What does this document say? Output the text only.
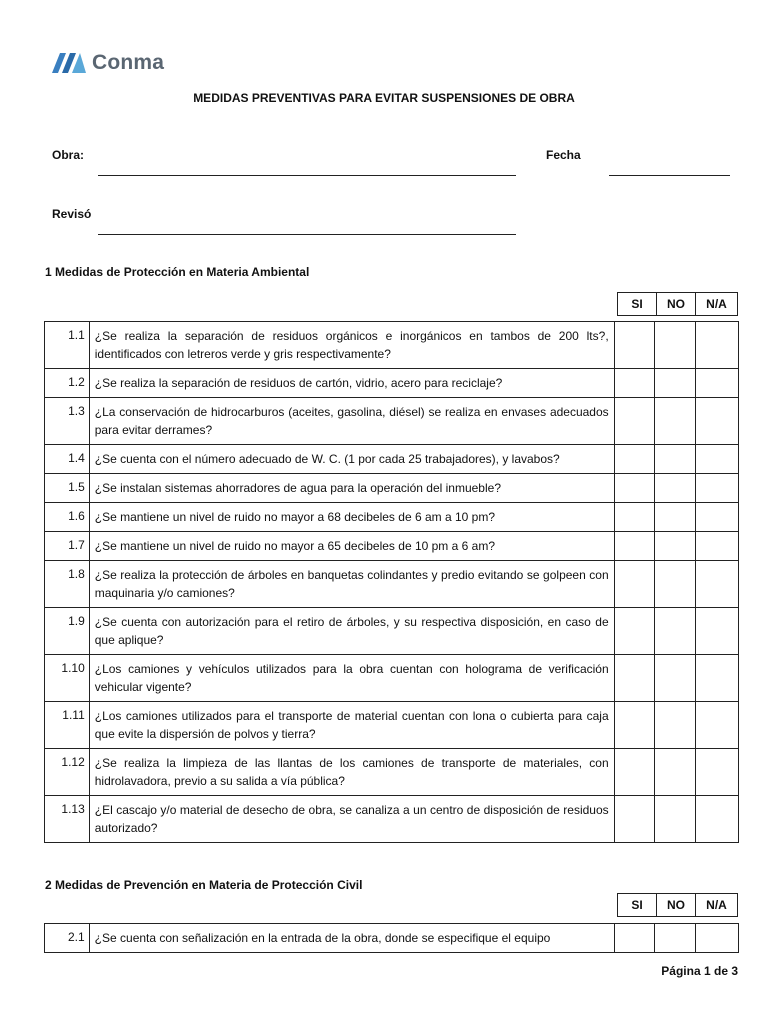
Conma
MEDIDAS PREVENTIVAS PARA EVITAR SUSPENSIONES DE OBRA
Obra:	Fecha
Revisó
1 Medidas de Protección en Materia Ambiental
SI	NO	N/A
1.1	¿Se realiza la separación de residuos orgánicos e inorgánicos en tambos de 200 lts?, identificados con letreros verde y gris respectivamente?			
1.2	¿Se realiza la separación de residuos de cartón, vidrio, acero para reciclaje?			
1.3	¿La conservación de hidrocarburos (aceites, gasolina, diésel) se realiza en envases adecuados para evitar derrames?			
1.4	¿Se cuenta con el número adecuado de W. C. (1 por cada 25 trabajadores), y lavabos?			
1.5	¿Se instalan sistemas ahorradores de agua para la operación del inmueble?			
1.6	¿Se mantiene un nivel de ruido no mayor a 68 decibeles de 6 am a 10 pm?			
1.7	¿Se mantiene un nivel de ruido no mayor a 65 decibeles de 10 pm a 6 am?			
1.8	¿Se realiza la protección de árboles en banquetas colindantes y predio evitando se golpeen con maquinaria y/o camiones?			
1.9	¿Se cuenta con autorización para el retiro de árboles, y su respectiva disposición, en caso de que aplique?			
1.10	¿Los camiones y vehículos utilizados para la obra cuentan con holograma de verificación vehicular vigente?			
1.11	¿Los camiones utilizados para el transporte de material cuentan con lona o cubierta para caja que evite la dispersión de polvos y tierra?			
1.12	¿Se realiza la limpieza de las llantas de los camiones de transporte de materiales, con hidrolavadora, previo a su salida a vía pública?			
1.13	¿El cascajo y/o material de desecho de obra, se canaliza a un centro de disposición de residuos autorizado?			
2 Medidas de Prevención en Materia de Protección Civil
SI	NO	N/A
2.1	¿Se cuenta con señalización en la entrada de la obra, donde se especifique el equipo			
Página 1 de 3
